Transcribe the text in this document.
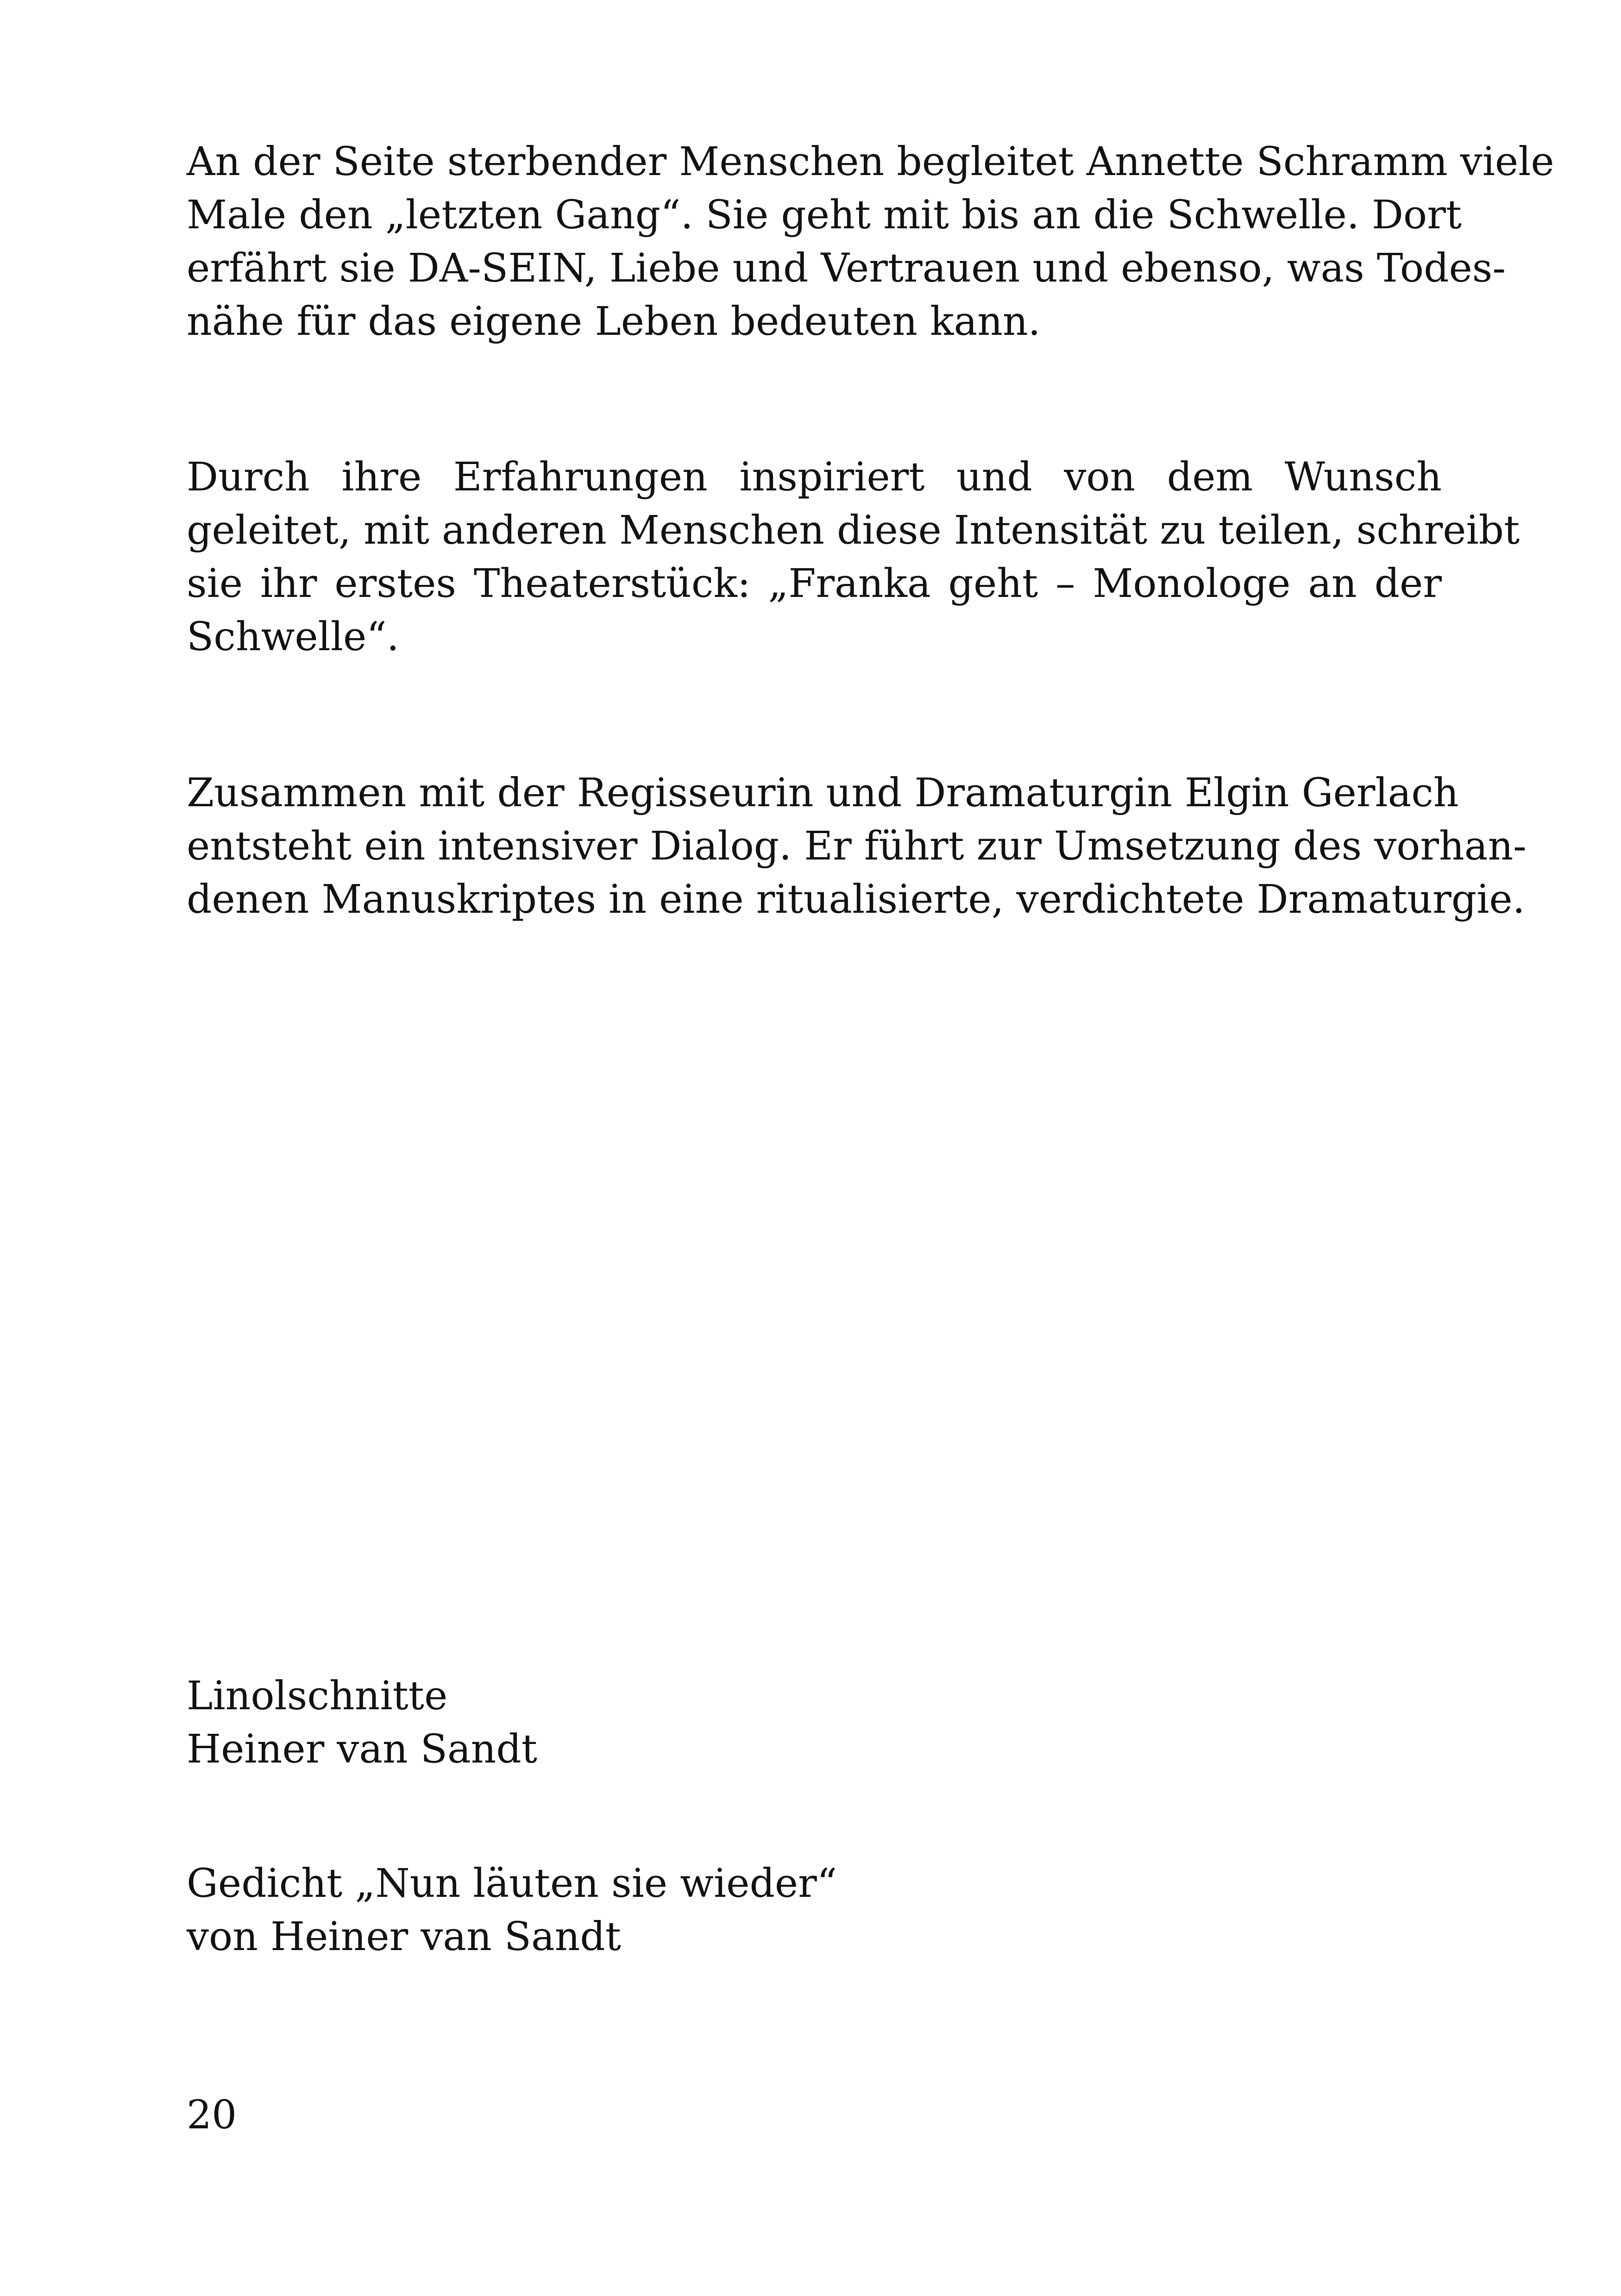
An der Seite sterbender Menschen begleitet Annette Schramm viele
Male den „letzten Gang“. Sie geht mit bis an die Schwelle. Dort
erfährt sie DA-SEIN, Liebe und Vertrauen und ebenso, was Todes-
nähe für das eigene Leben bedeuten kann.

Durch ihre Erfahrungen inspiriert und von dem Wunsch
geleitet, mit anderen Menschen diese Intensität zu teilen, schreibt
sie ihr erstes Theaterstück: „Franka geht – Monologe an der
Schwelle“.

Zusammen mit der Regisseurin und Dramaturgin Elgin Gerlach
entsteht ein intensiver Dialog. Er führt zur Umsetzung des vorhan-
denen Manuskriptes in eine ritualisierte, verdichtete Dramaturgie.

Linolschnitte
Heiner van Sandt

Gedicht „Nun läuten sie wieder“
von Heiner van Sandt

20
